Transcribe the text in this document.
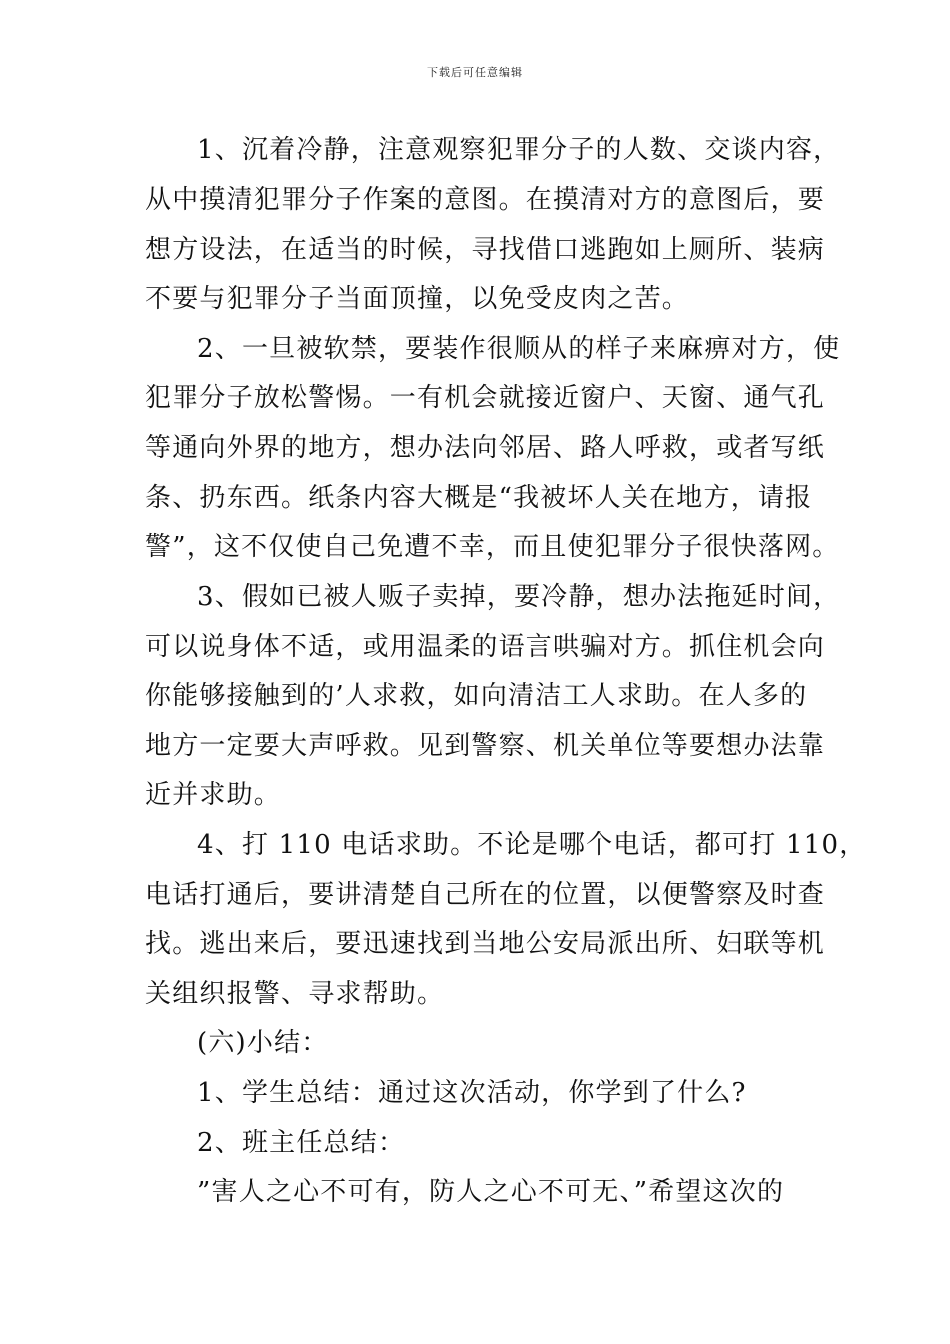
下载后可任意编辑
1、沉着冷静，注意观察犯罪分子的人数、交谈内容，
从中摸清犯罪分子作案的意图。在摸清对方的意图后，要
想方设法，在适当的时候，寻找借口逃跑如上厕所、装病
不要与犯罪分子当面顶撞，以免受皮肉之苦。
2、一旦被软禁，要装作很顺从的样子来麻痹对方，使
犯罪分子放松警惕。一有机会就接近窗户、天窗、通气孔
等通向外界的地方，想办法向邻居、路人呼救，或者写纸
条、扔东西。纸条内容大概是“我被坏人关在地方，请报
警”，这不仅使自己免遭不幸，而且使犯罪分子很快落网。
3、假如已被人贩子卖掉，要冷静，想办法拖延时间，
可以说身体不适，或用温柔的语言哄骗对方。抓住机会向
你能够接触到的’人求救，如向清洁工人求助。在人多的
地方一定要大声呼救。见到警察、机关单位等要想办法靠
近并求助。
4、打 110 电话求助。不论是哪个电话，都可打 110，
电话打通后，要讲清楚自己所在的位置，以便警察及时查
找。逃出来后，要迅速找到当地公安局派出所、妇联等机
关组织报警、寻求帮助。
(六)小结：
1、学生总结：通过这次活动，你学到了什么?
2、班主任总结：
”害人之心不可有，防人之心不可无、”希望这次的
